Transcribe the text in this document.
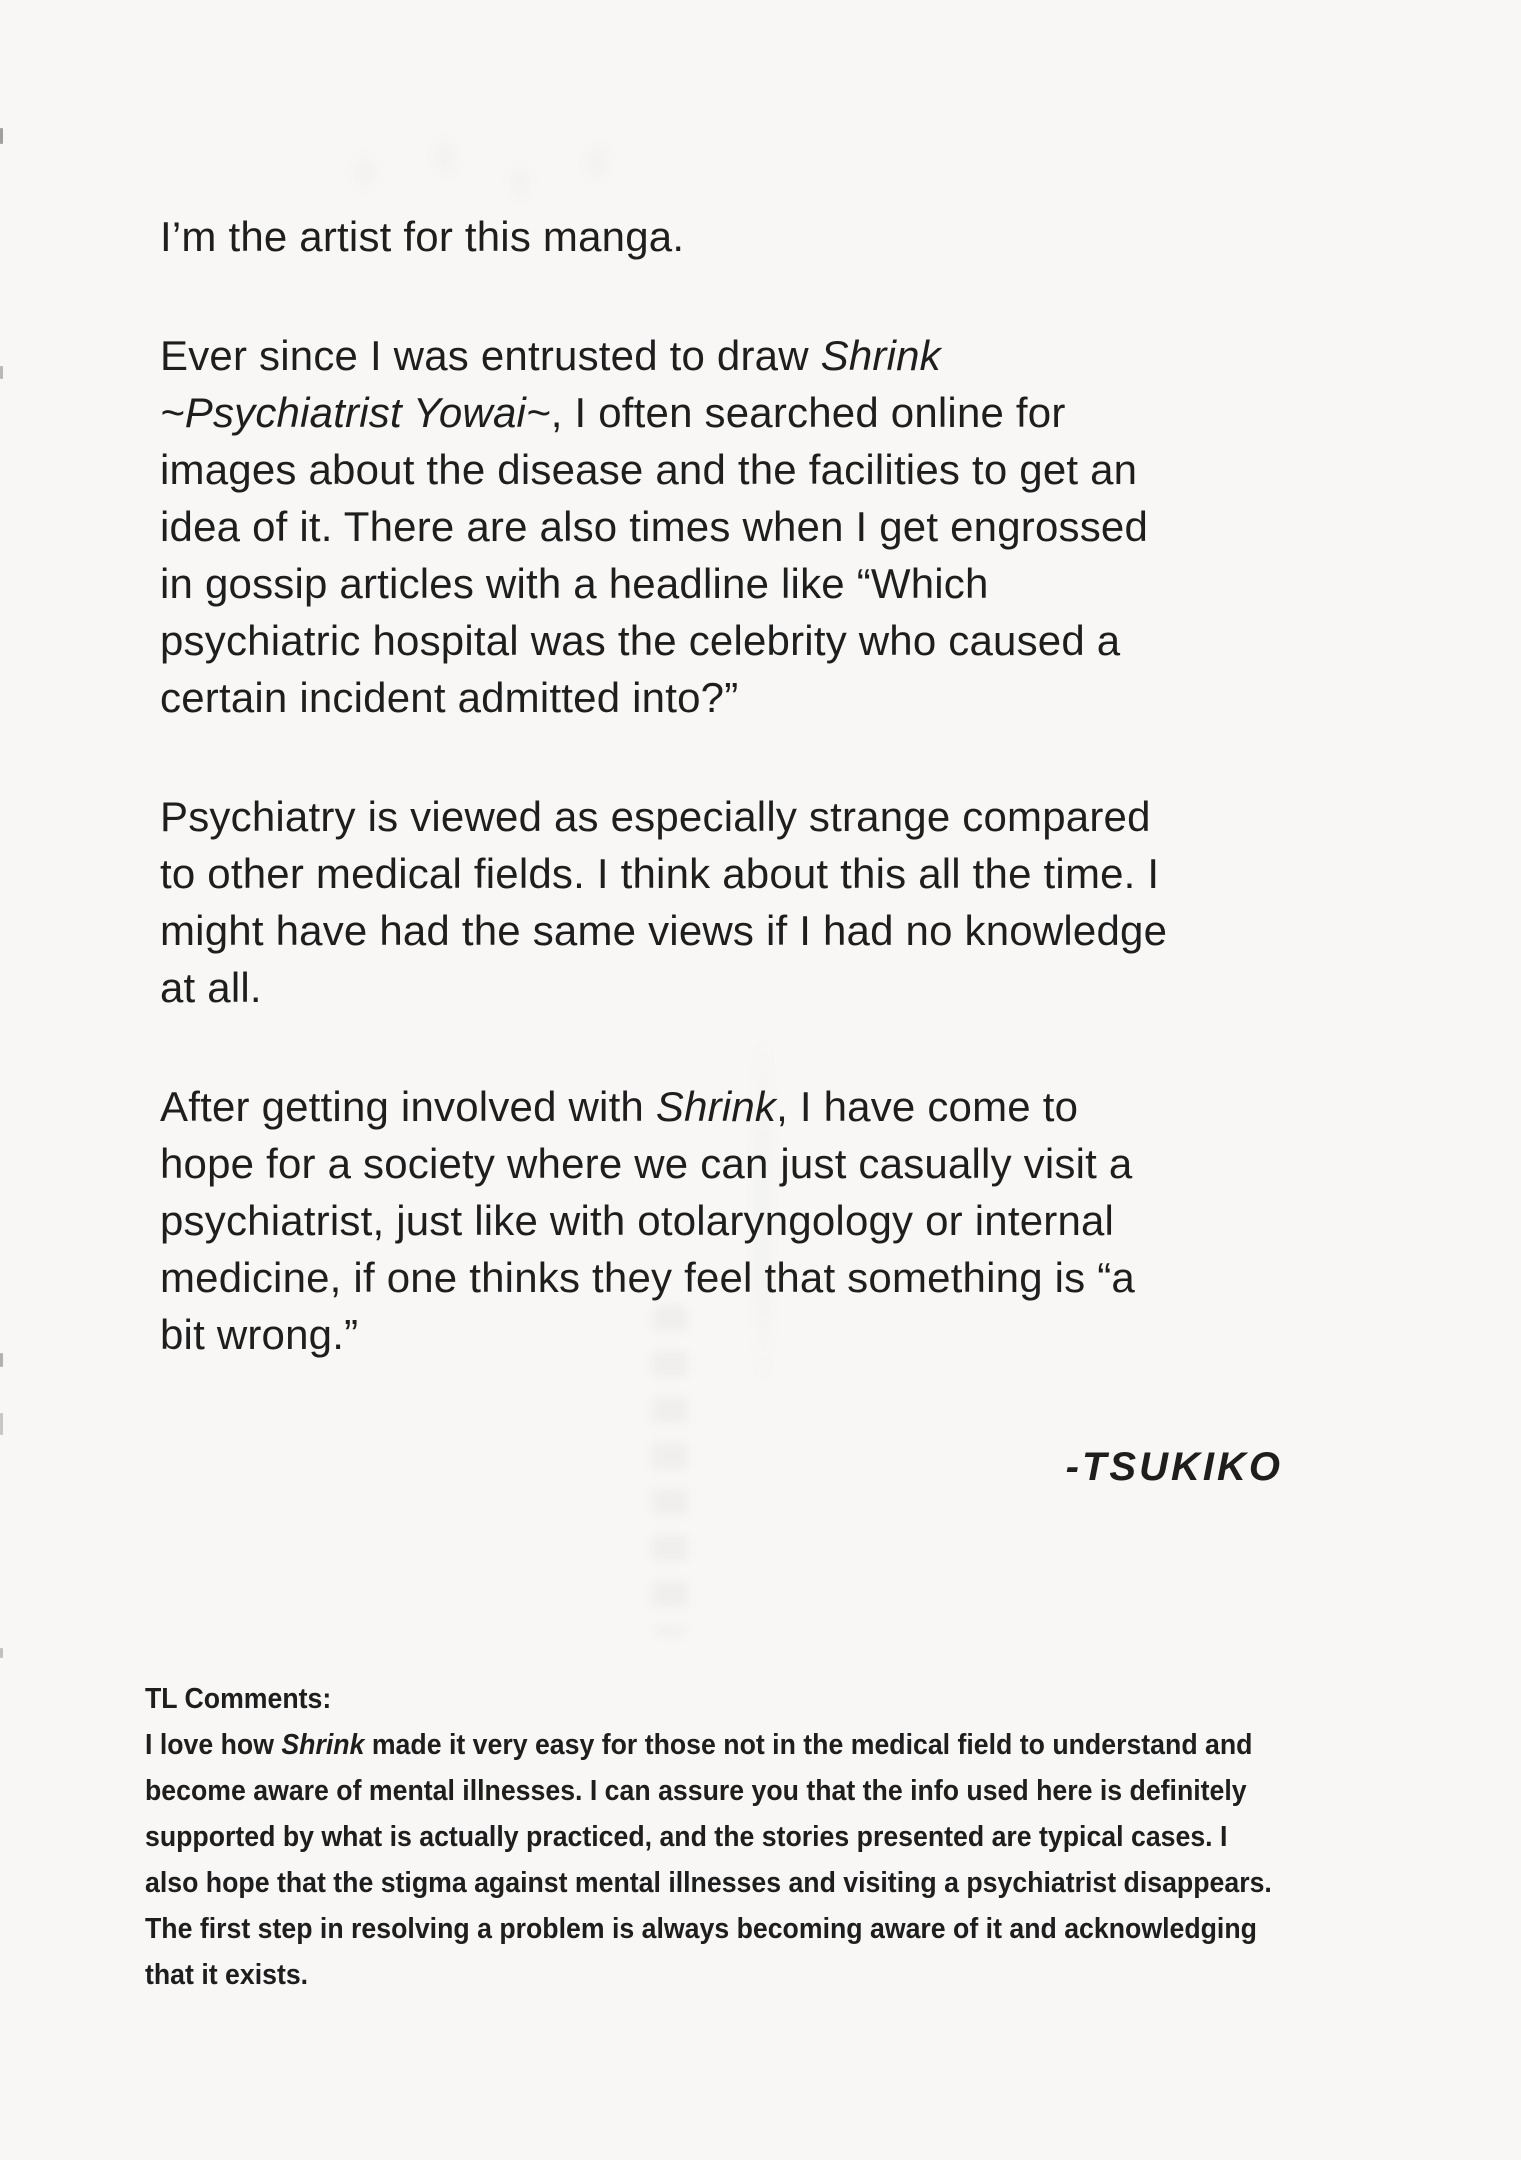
I’m the artist for this manga.
Ever since I was entrusted to draw Shrink
~Psychiatrist Yowai~, I often searched online for
images about the disease and the facilities to get an
idea of it. There are also times when I get engrossed
in gossip articles with a headline like “Which
psychiatric hospital was the celebrity who caused a
certain incident admitted into?”
Psychiatry is viewed as especially strange compared
to other medical fields. I think about this all the time. I
might have had the same views if I had no knowledge
at all.
After getting involved with Shrink, I have come to
hope for a society where we can just casually visit a
psychiatrist, just like with otolaryngology or internal
medicine, if one thinks they feel that something is “a
bit wrong.”
-TSUKIKO
TL Comments:
I love how Shrink made it very easy for those not in the medical field to understand and
become aware of mental illnesses. I can assure you that the info used here is definitely
supported by what is actually practiced, and the stories presented are typical cases. I
also hope that the stigma against mental illnesses and visiting a psychiatrist disappears.
The first step in resolving a problem is always becoming aware of it and acknowledging
that it exists.
